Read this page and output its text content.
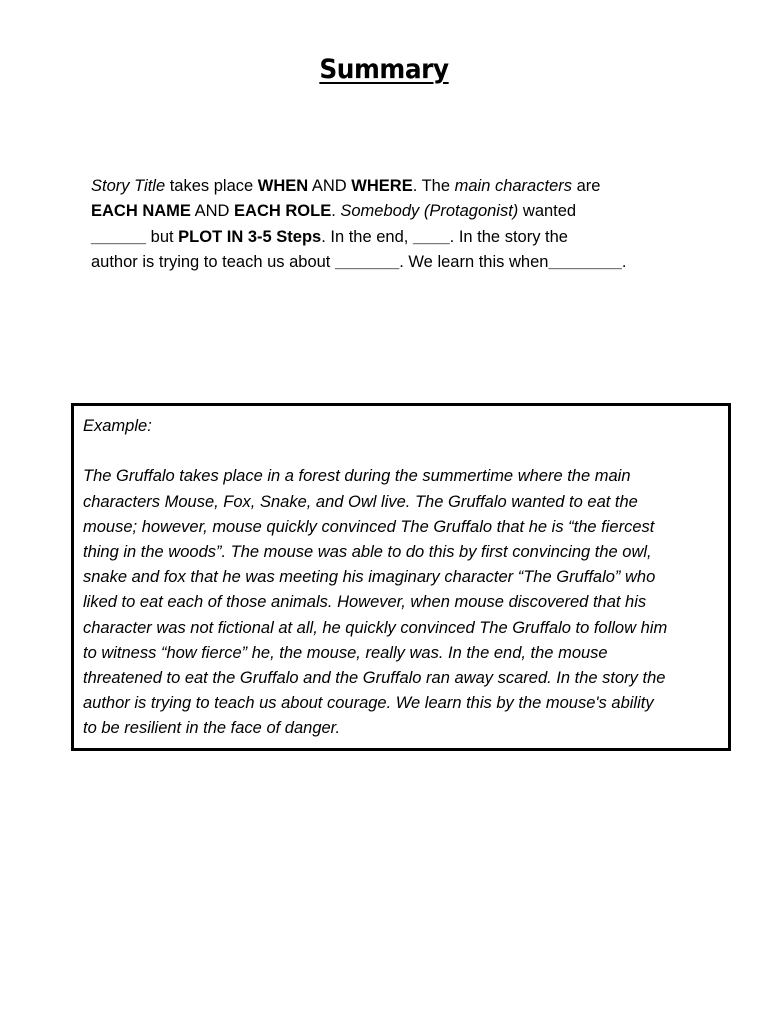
Summary
Story Title takes place WHEN AND WHERE. The main characters are
EACH NAME AND EACH ROLE. Somebody (Protagonist) wanted
______ but PLOT IN 3-5 Steps. In the end, ____. In the story the
author is trying to teach us about _______. We learn this when________.
Example:
The Gruffalo takes place in a forest during the summertime where the main
characters Mouse, Fox, Snake, and Owl live. The Gruffalo wanted to eat the
mouse; however, mouse quickly convinced The Gruffalo that he is “the fiercest
thing in the woods”. The mouse was able to do this by first convincing the owl,
snake and fox that he was meeting his imaginary character “The Gruffalo” who
liked to eat each of those animals. However, when mouse discovered that his
character was not fictional at all, he quickly convinced The Gruffalo to follow him
to witness “how fierce” he, the mouse, really was. In the end, the mouse
threatened to eat the Gruffalo and the Gruffalo ran away scared. In the story the
author is trying to teach us about courage. We learn this by the mouse's ability
to be resilient in the face of danger.
